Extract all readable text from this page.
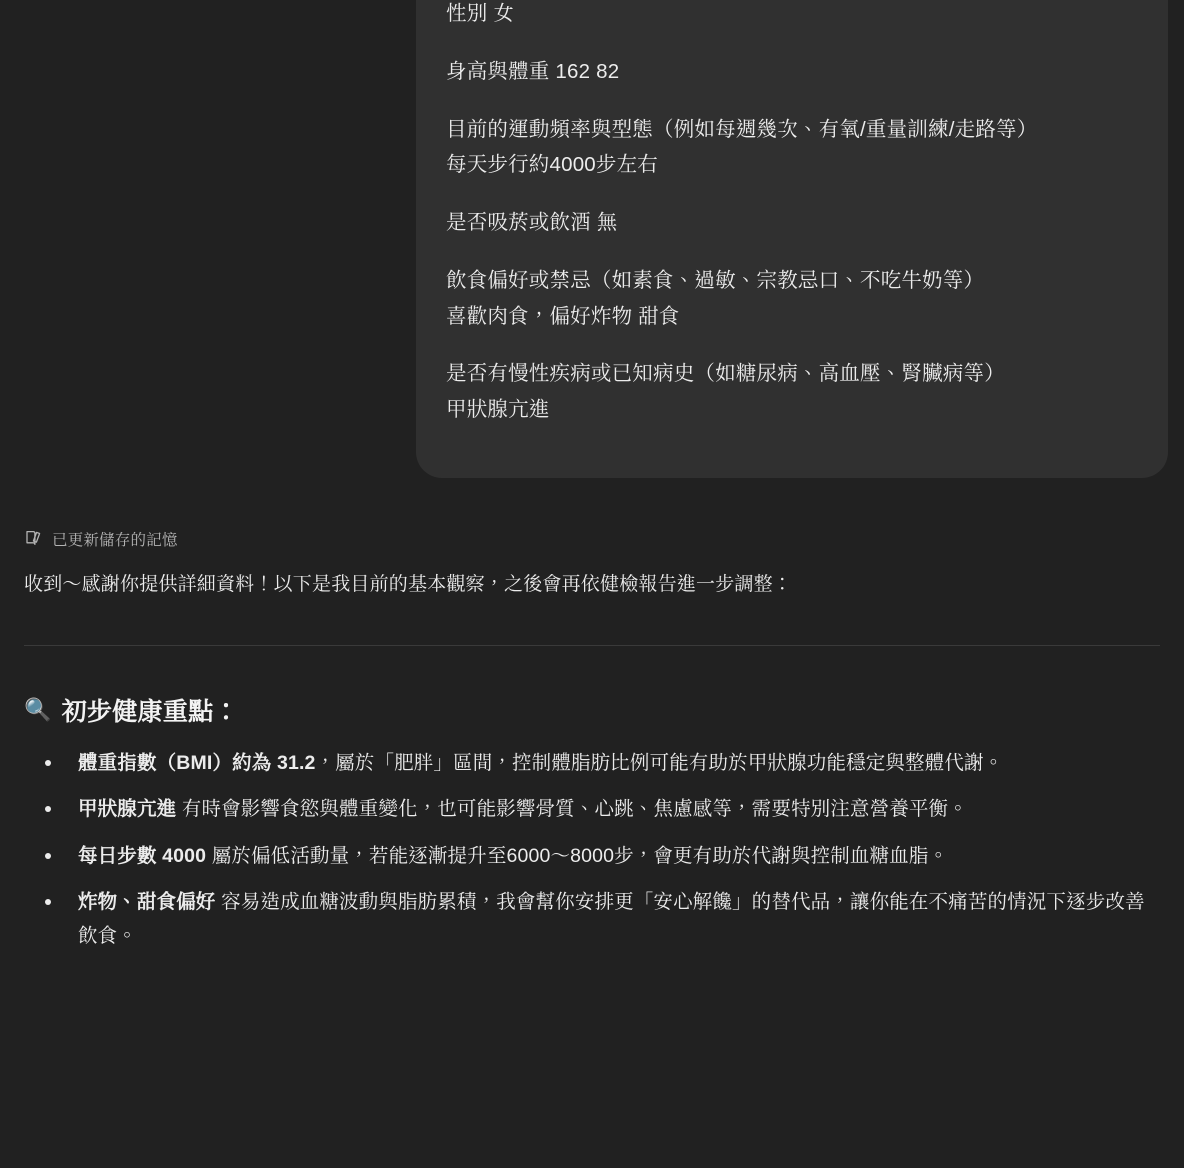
性別 女

身高與體重 162 82

目前的運動頻率與型態（例如每週幾次、有氧/重量訓練/走路等）

每天步行約4000步左右

是否吸菸或飲酒 無

飲食偏好或禁忌（如素食、過敏、宗教忌口、不吃牛奶等）

喜歡肉食，偏好炸物 甜食

是否有慢性疾病或已知病史（如糖尿病、高血壓、腎臟病等）

甲狀腺亢進

已更新儲存的記憶
收到～感謝你提供詳細資料！以下是我目前的基本觀察，之後會再依健檢報告進一步調整：
🔍 初步健康重點：
體重指數（BMI）約為 31.2，屬於「肥胖」區間，控制體脂肪比例可能有助於甲狀腺功能穩定與整體代謝。
甲狀腺亢進 有時會影響食慾與體重變化，也可能影響骨質、心跳、焦慮感等，需要特別注意營養平衡。
每日步數 4000 屬於偏低活動量，若能逐漸提升至6000～8000步，會更有助於代謝與控制血糖血脂。
炸物、甜食偏好 容易造成血糖波動與脂肪累積，我會幫你安排更「安心解饞」的替代品，讓你能在不痛苦的情況下逐步改善飲食。
